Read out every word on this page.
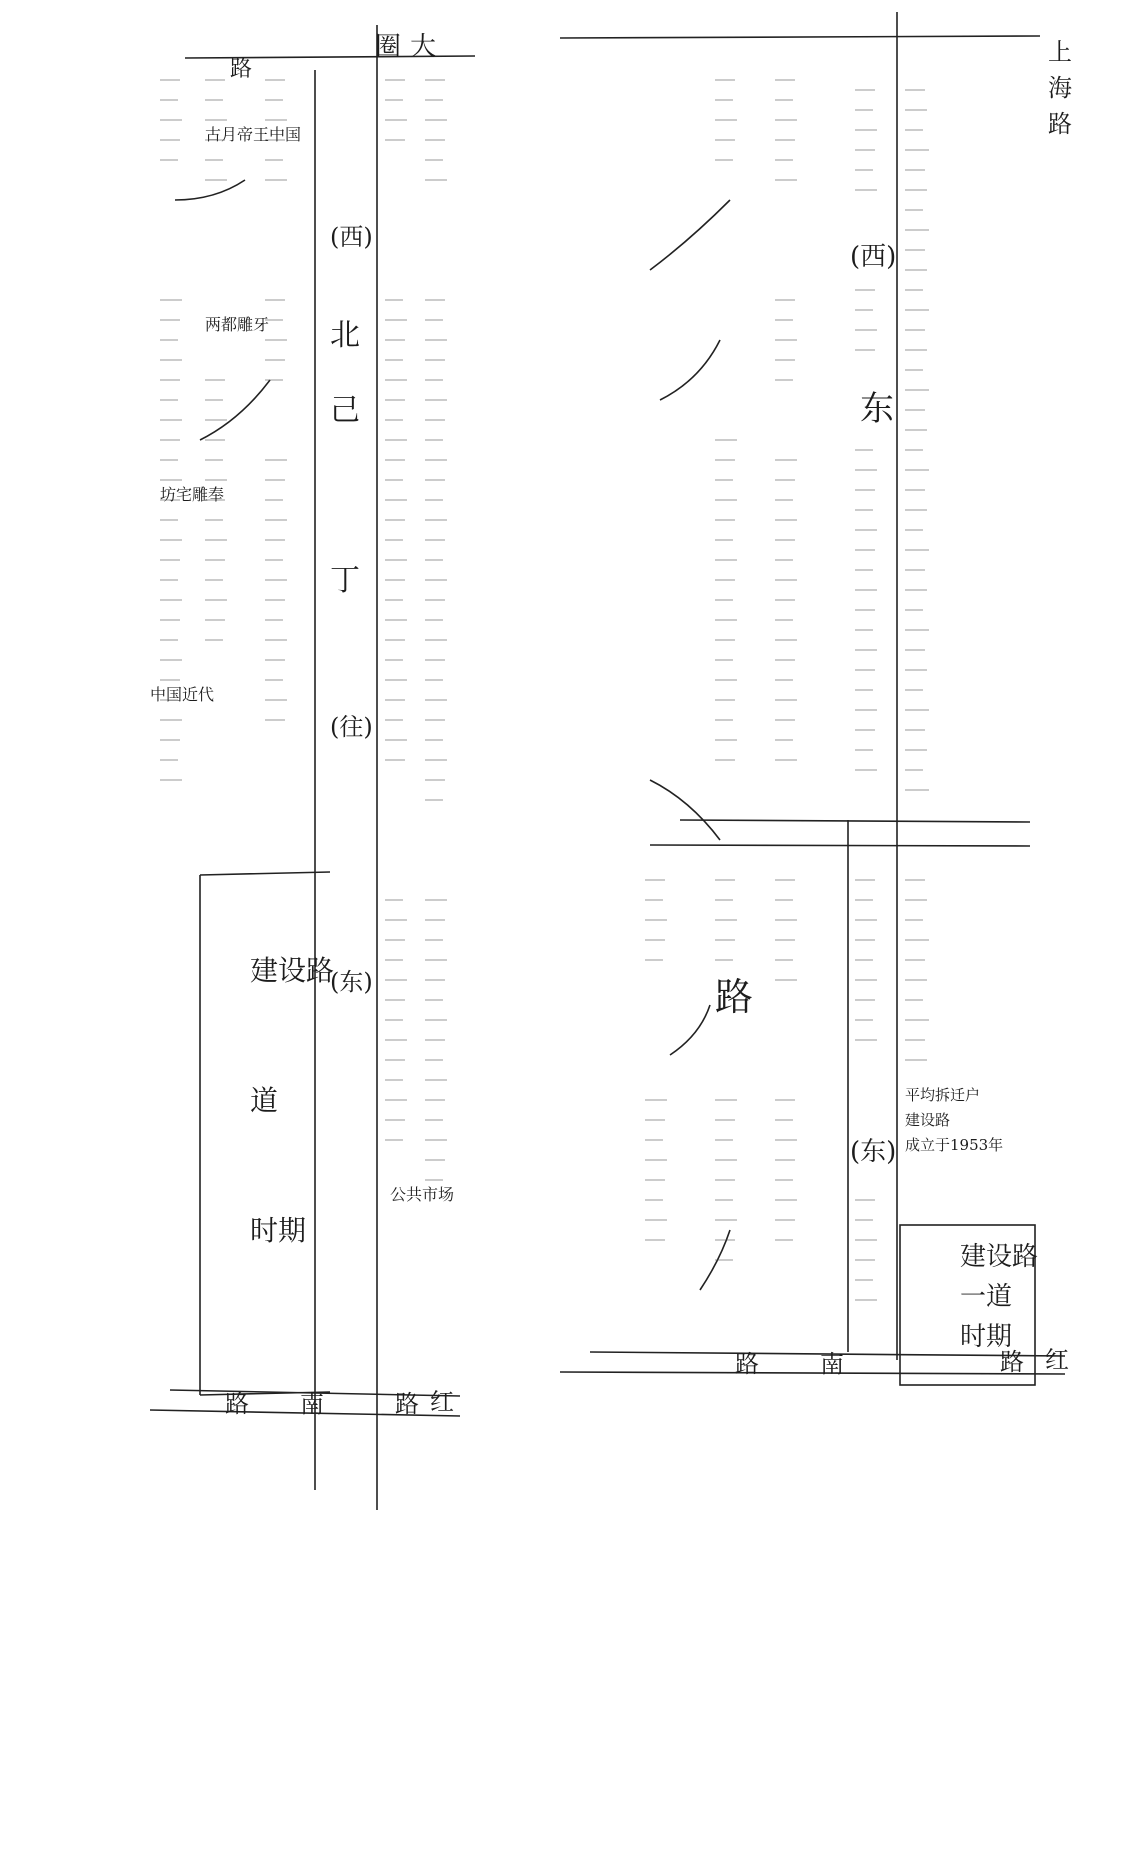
上
海
路
红
路
南
路
(西)
东
路
(东)
平均拆迁户
建设路
成立于1953年
建设路
一道
时期
大
圈
路
红
路
南
路
(西)
北
己
丁
(往)
(东)
古月帝王中国
两都雕牙
坊宅雕奉
中国近代
公共市场
建设路
道
时期
